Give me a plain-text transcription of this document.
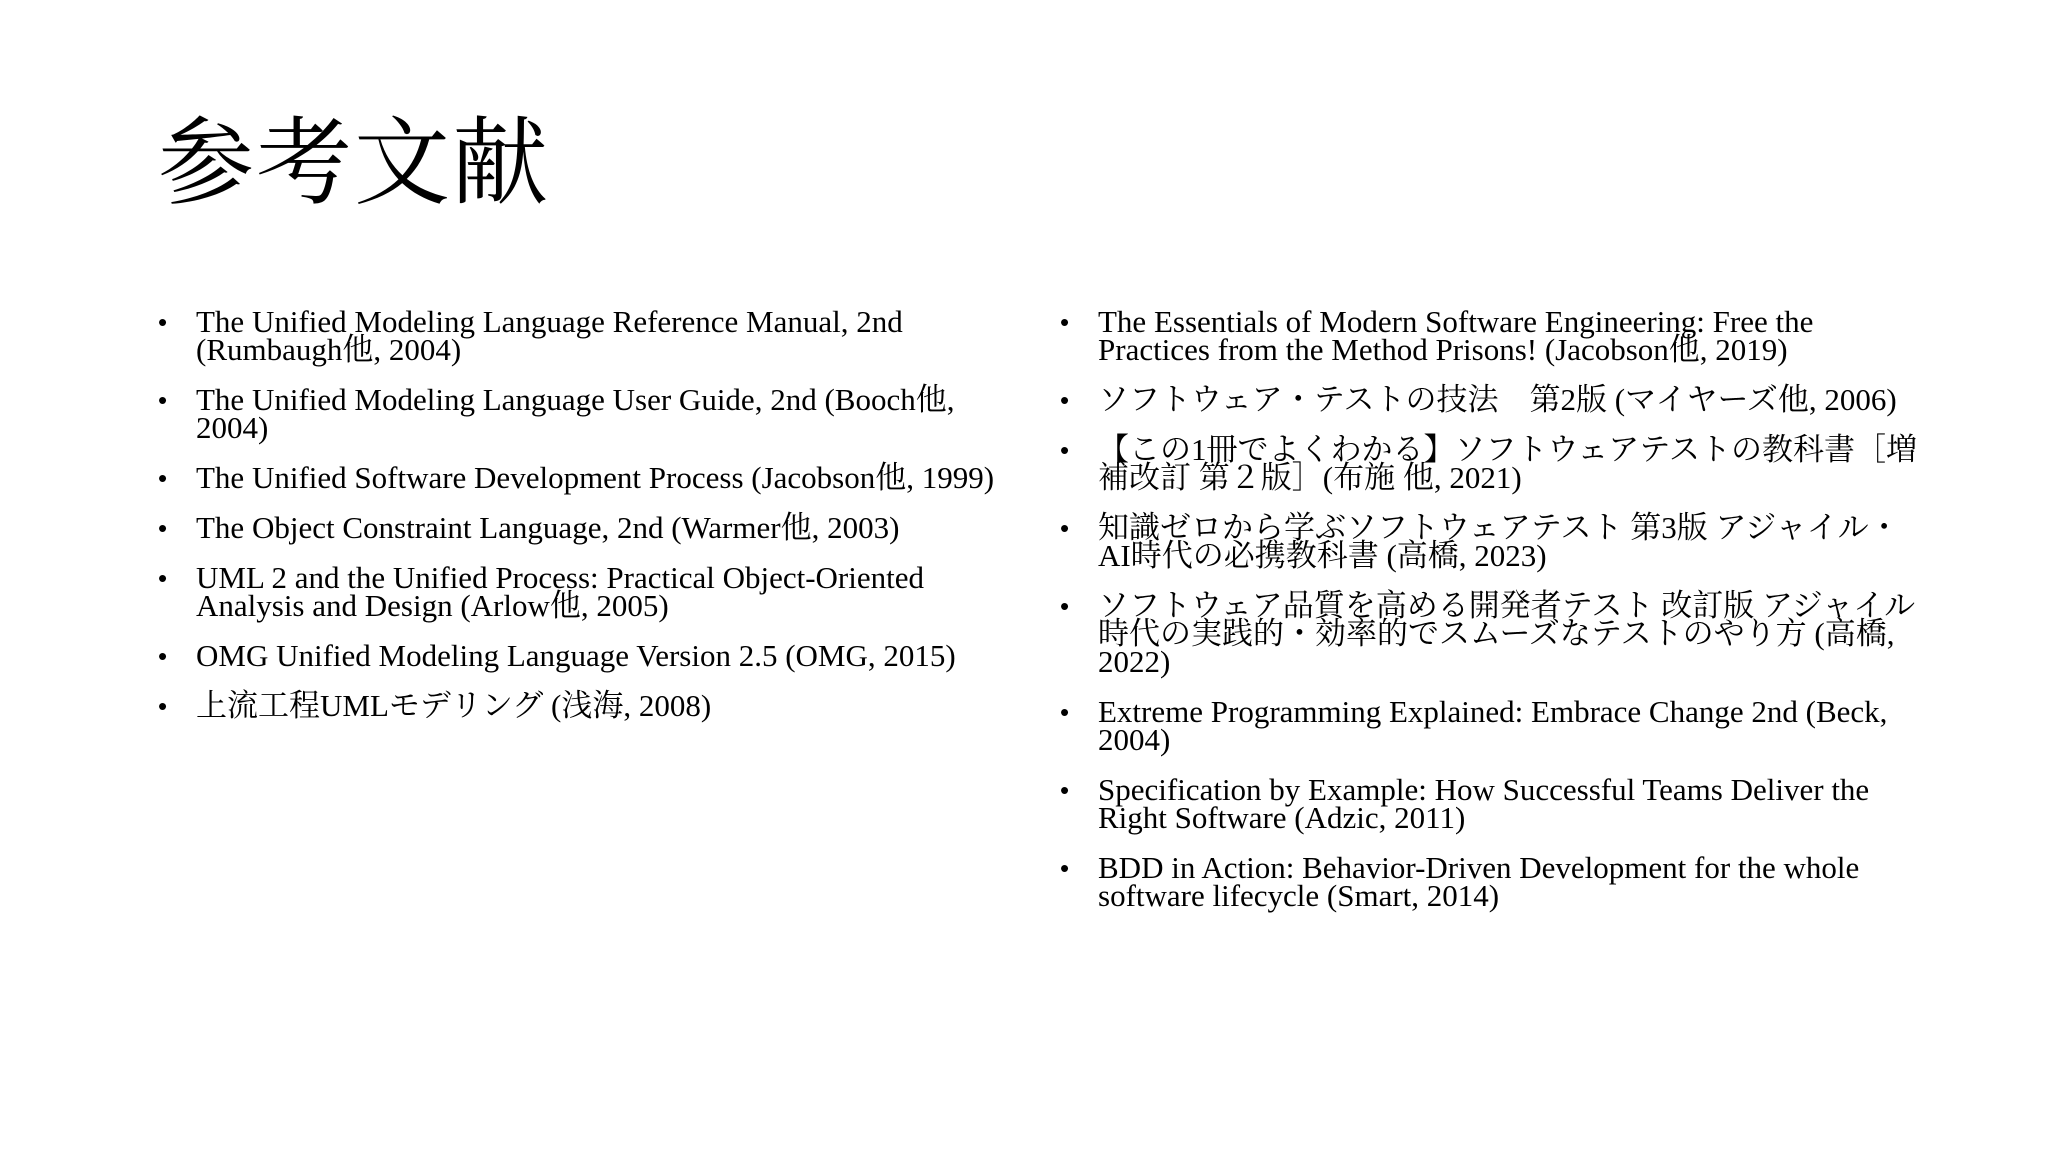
参考文献
• The Unified Modeling Language Reference Manual, 2nd (Rumbaugh他, 2004)
• The Unified Modeling Language User Guide, 2nd (Booch他, 2004)
• The Unified Software Development Process (Jacobson他, 1999)
• The Object Constraint Language, 2nd (Warmer他, 2003)
• UML 2 and the Unified Process: Practical Object-Oriented Analysis and Design (Arlow他, 2005)
• OMG Unified Modeling Language Version 2.5 (OMG, 2015)
• 上流工程UMLモデリング (浅海, 2008)
• The Essentials of Modern Software Engineering: Free the Practices from the Method Prisons! (Jacobson他, 2019)
• ソフトウェア・テストの技法　第2版 (マイヤーズ他, 2006)
• 【この1冊でよくわかる】ソフトウェアテストの教科書［増補改訂 第２版］(布施 他, 2021)
• 知識ゼロから学ぶソフトウェアテスト 第3版 アジャイル・AI時代の必携教科書 (高橋, 2023)
• ソフトウェア品質を高める開発者テスト 改訂版 アジャイル時代の実践的・効率的でスムーズなテストのやり方 (高橋, 2022)
• Extreme Programming Explained: Embrace Change 2nd (Beck, 2004)
• Specification by Example: How Successful Teams Deliver the Right Software (Adzic, 2011)
• BDD in Action: Behavior-Driven Development for the whole software lifecycle (Smart, 2014)
